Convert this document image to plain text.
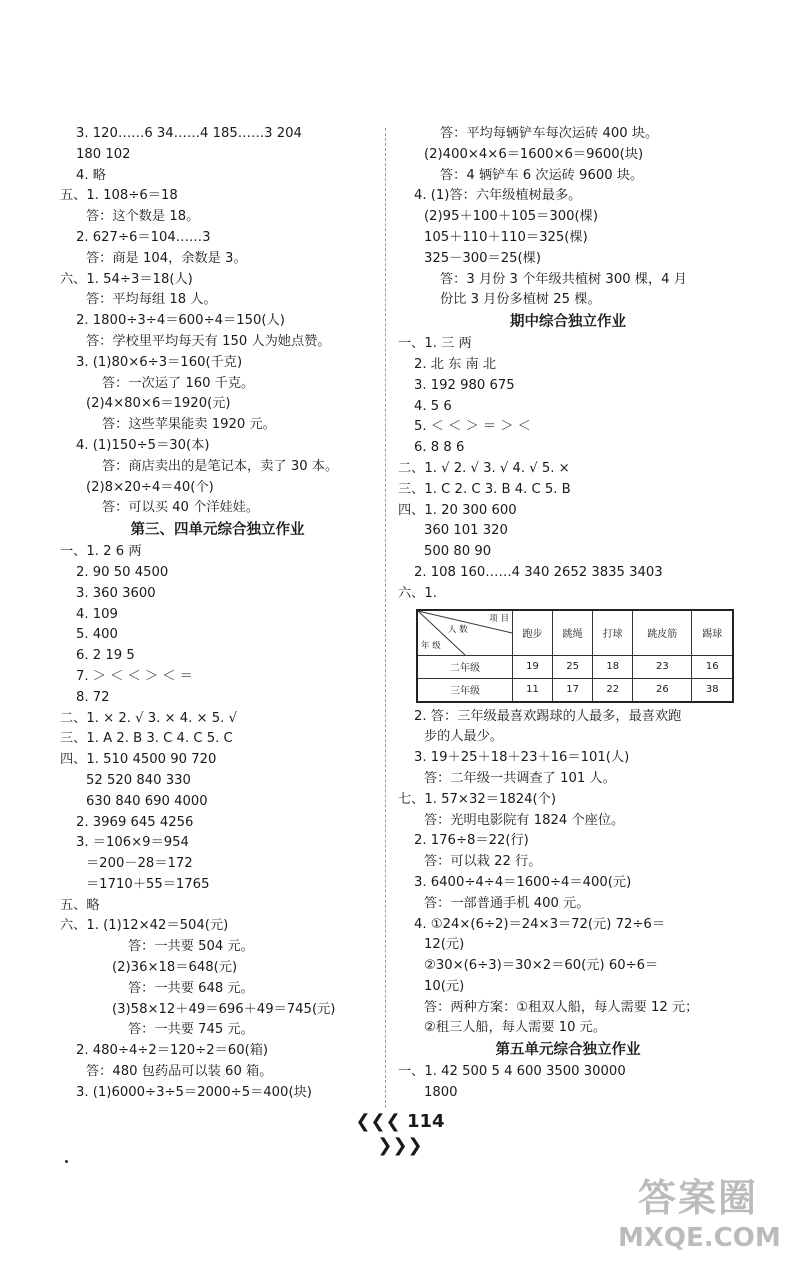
3. 120……6 34……4 185……3 204
180 102
4. 略
五、1. 108÷6＝18
答：这个数是 18。
2. 627÷6＝104……3
答：商是 104，余数是 3。
六、1. 54÷3＝18(人)
答：平均每组 18 人。
2. 1800÷3÷4＝600÷4＝150(人)
答：学校里平均每天有 150 人为她点赞。
3. (1)80×6÷3＝160(千克)
答：一次运了 160 千克。
(2)4×80×6＝1920(元)
答：这些苹果能卖 1920 元。
4. (1)150÷5＝30(本)
答：商店卖出的是笔记本，卖了 30 本。
(2)8×20÷4＝40(个)
答：可以买 40 个洋娃娃。
第三、四单元综合独立作业
一、1. 2 6 两
2. 90 50 4500
3. 360 3600
4. 109
5. 400
6. 2 19 5
7. ＞ ＜ ＜ ＞ ＜ ＝
8. 72
二、1. × 2. √ 3. × 4. × 5. √
三、1. A 2. B 3. C 4. C 5. C
四、1. 510 4500 90 720
52 520 840 330
630 840 690 4000
2. 3969 645 4256
3. ＝106×9＝954
＝200－28＝172
＝1710＋55＝1765
五、略
六、1. (1)12×42＝504(元)
答：一共要 504 元。
(2)36×18＝648(元)
答：一共要 648 元。
(3)58×12＋49＝696＋49＝745(元)
答：一共要 745 元。
2. 480÷4÷2＝120÷2＝60(箱)
答：480 包药品可以装 60 箱。
3. (1)6000÷3÷5＝2000÷5＝400(块)
答：平均每辆铲车每次运砖 400 块。
(2)400×4×6＝1600×6＝9600(块)
答：4 辆铲车 6 次运砖 9600 块。
4. (1)答：六年级植树最多。
(2)95＋100＋105＝300(棵)
105＋110＋110＝325(棵)
325－300＝25(棵)
答：3 月份 3 个年级共植树 300 棵，4 月
份比 3 月份多植树 25 棵。
期中综合独立作业
一、1. 三 两
2. 北 东 南 北
3. 192 980 675
4. 5 6
5. ＜ ＜ ＞ ＝ ＞ ＜
6. 8 8 6
二、1. √ 2. √ 3. √ 4. √ 5. ×
三、1. C 2. C 3. B 4. C 5. B
四、1. 20 300 600
360 101 320
500 80 90
2. 108 160……4 340 2652 3835 3403
六、1.
项 目
人 数
年 级	跑步	跳绳	打球	跳皮筋	踢球
二年级	19	25	18	23	16
三年级	11	17	22	26	38
2. 答：三年级最喜欢踢球的人最多，最喜欢跑
步的人最少。
3. 19＋25＋18＋23＋16＝101(人)
答：二年级一共调查了 101 人。
七、1. 57×32＝1824(个)
答：光明电影院有 1824 个座位。
2. 176÷8＝22(行)
答：可以栽 22 行。
3. 6400÷4÷4＝1600÷4＝400(元)
答：一部普通手机 400 元。
4. ①24×(6÷2)＝24×3＝72(元) 72÷6＝
12(元)
②30×(6÷3)＝30×2＝60(元) 60÷6＝
10(元)
答：两种方案：①租双人船，每人需要 12 元；
②租三人船，每人需要 10 元。
第五单元综合独立作业
一、1. 42 500 5 4 600 3500 30000
1800
❮❮❮ 114 ❯❯❯
答案圈
MXQE.COM
